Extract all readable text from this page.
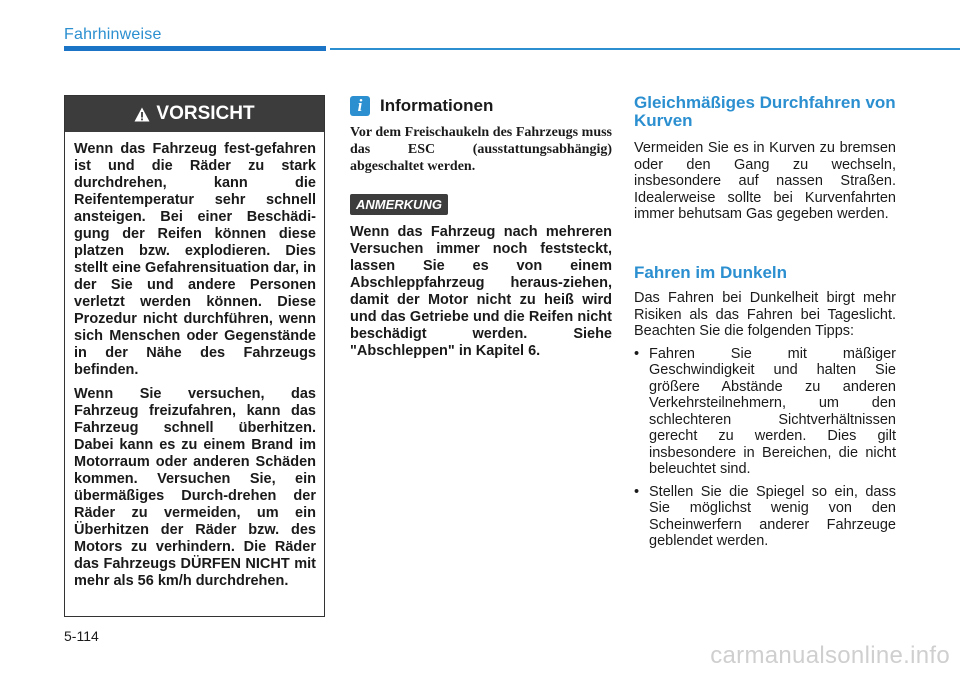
Fahrhinweise
VORSICHT

Wenn das Fahrzeug fest-gefahren ist und die Räder zu stark durchdrehen, kann die Reifentemperatur sehr schnell ansteigen. Bei einer Beschädi-gung der Reifen können diese platzen bzw. explodieren. Dies stellt eine Gefahrensituation dar, in der Sie und andere Personen verletzt werden können. Diese Prozedur nicht durchführen, wenn sich Menschen oder Gegenstände in der Nähe des Fahrzeugs befinden.

Wenn Sie versuchen, das Fahrzeug freizufahren, kann das Fahrzeug schnell überhitzen. Dabei kann es zu einem Brand im Motorraum oder anderen Schäden kommen. Versuchen Sie, ein übermäßiges Durch-drehen der Räder zu vermeiden, um ein Überhitzen der Räder bzw. des Motors zu verhindern. Die Räder das Fahrzeugs DÜRFEN NICHT mit mehr als 56 km/h durchdrehen.

i	Informationen
Vor dem Freischaukeln des Fahrzeugs muss das ESC (ausstattungsabhängig) abgeschaltet werden.
ANMERKUNG
Wenn das Fahrzeug nach mehreren Versuchen immer noch feststeckt, lassen Sie es von einem Abschleppfahrzeug heraus-ziehen, damit der Motor nicht zu heiß wird und das Getriebe und die Reifen nicht beschädigt werden. Siehe "Abschleppen" in Kapitel 6.
Gleichmäßiges Durchfahren von Kurven

Vermeiden Sie es in Kurven zu bremsen oder den Gang zu wechseln, insbesondere auf nassen Straßen. Idealerweise sollte bei Kurvenfahrten immer behutsam Gas gegeben werden.

Fahren im Dunkeln

Das Fahren bei Dunkelheit birgt mehr Risiken als das Fahren bei Tageslicht. Beachten Sie die folgenden Tipps:

• Fahren Sie mit mäßiger Geschwindigkeit und halten Sie größere Abstände zu anderen Verkehrsteilnehmern, um den schlechteren Sichtverhältnissen gerecht zu werden. Dies gilt insbesondere in Bereichen, die nicht beleuchtet sind.
• Stellen Sie die Spiegel so ein, dass Sie möglichst wenig von den Scheinwerfern anderer Fahrzeuge geblendet werden.
5-114
carmanualsonline.info
